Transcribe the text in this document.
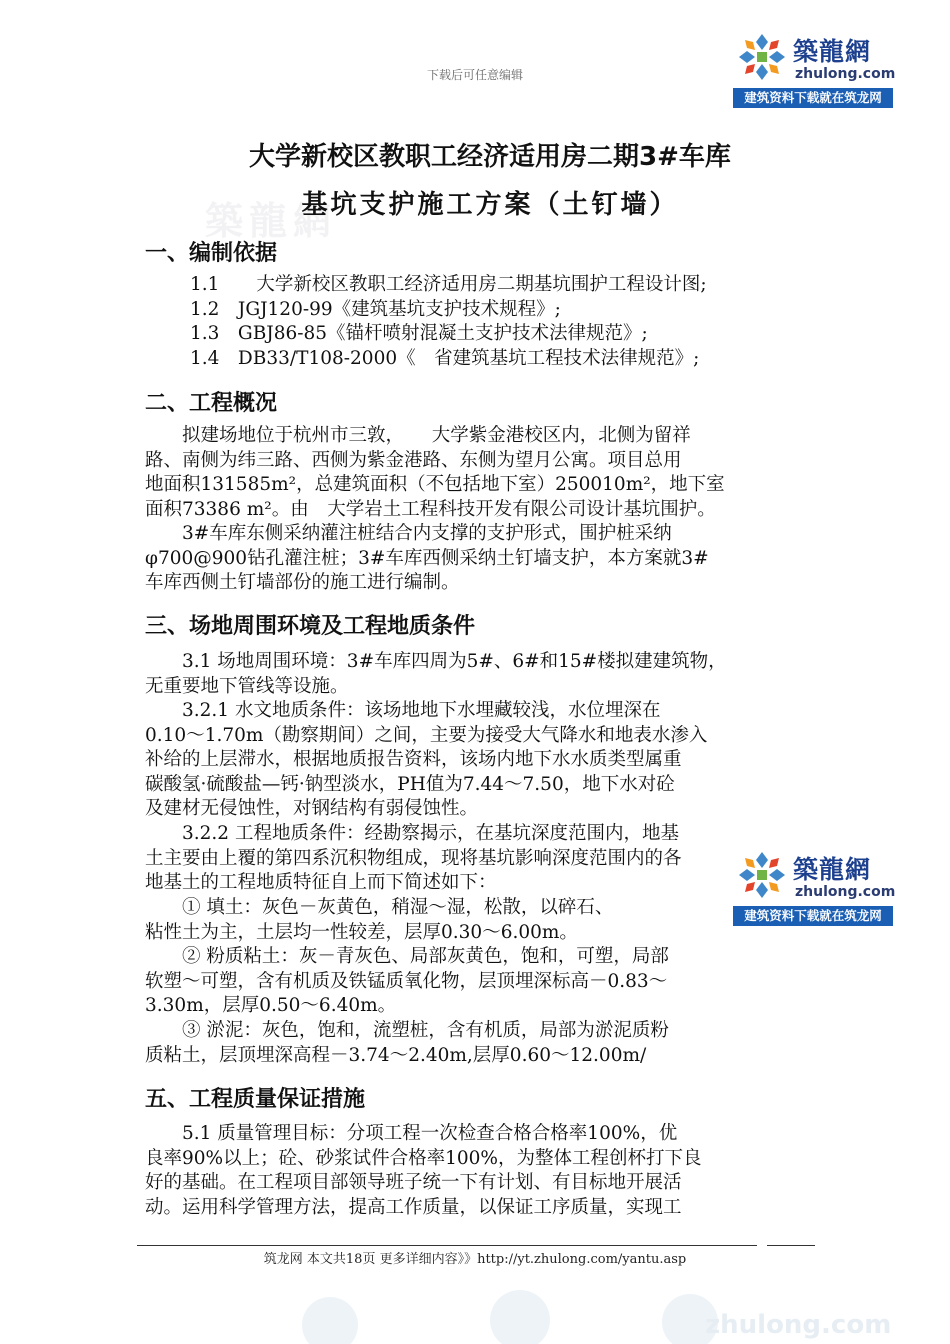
下载后可任意编辑
築龍網
zhulong.com
建筑资料下载就在筑龙网
築龍網
大学新校区教职工经济适用房二期3#车库
基坑支护施工方案（土钉墙）
一、编制依据
1.1　　大学新校区教职工经济适用房二期基坑围护工程设计图;
1.2　JGJ120-99《建筑基坑支护技术规程》;
1.3　GBJ86-85《锚杆喷射混凝土支护技术法律规范》;
1.4　DB33/T108-2000《　省建筑基坑工程技术法律规范》;
二、工程概况
　　拟建场地位于杭州市三敦，　　大学紫金港校区内，北侧为留祥
路、南侧为纬三路、西侧为紫金港路、东侧为望月公寓。项目总用
地面积131585m²，总建筑面积（不包括地下室）250010m²，地下室
面积73386 m²。由　大学岩土工程科技开发有限公司设计基坑围护。
　　3#车库东侧采纳灌注桩结合内支撑的支护形式，围护桩采纳
φ700@900钻孔灌注桩；3#车库西侧采纳土钉墙支护，本方案就3#
车库西侧土钉墙部份的施工进行编制。
三、场地周围环境及工程地质条件
　　3.1 场地周围环境：3#车库四周为5#、6#和15#楼拟建建筑物，
无重要地下管线等设施。
　　3.2.1 水文地质条件：该场地地下水埋藏较浅，水位埋深在
0.10～1.70m（勘察期间）之间，主要为接受大气降水和地表水渗入
补给的上层滞水，根据地质报告资料，该场内地下水水质类型属重
碳酸氢·硫酸盐—钙·钠型淡水，PH值为7.44～7.50，地下水对砼
及建材无侵蚀性，对钢结构有弱侵蚀性。
　　3.2.2 工程地质条件：经勘察揭示，在基坑深度范围内，地基
土主要由上覆的第四系沉积物组成，现将基坑影响深度范围内的各
地基土的工程地质特征自上而下简述如下：
　　① 填土：灰色－灰黄色，稍湿～湿，松散，以碎石、
粘性土为主，土层均一性较差，层厚0.30～6.00m。
　　② 粉质粘土：灰－青灰色、局部灰黄色，饱和，可塑，局部
软塑～可塑，含有机质及铁锰质氧化物，层顶埋深标高－0.83～
3.30m，层厚0.50～6.40m。
　　③ 淤泥：灰色，饱和，流塑桩，含有机质，局部为淤泥质粉
质粘土，层顶埋深高程－3.74～2.40m,层厚0.60～12.00m/
五、工程质量保证措施
　　5.1 质量管理目标：分项工程一次检查合格合格率100%，优
良率90%以上；砼、砂浆试件合格率100%，为整体工程创杯打下良
好的基础。在工程项目部领导班子统一下有计划、有目标地开展活
动。运用科学管理方法，提高工作质量，以保证工序质量，实现工
築龍網
zhulong.com
建筑资料下载就在筑龙网
筑龙网 本文共18页 更多详细内容》》http://yt.zhulong.com/yantu.asp
zhulong.com
